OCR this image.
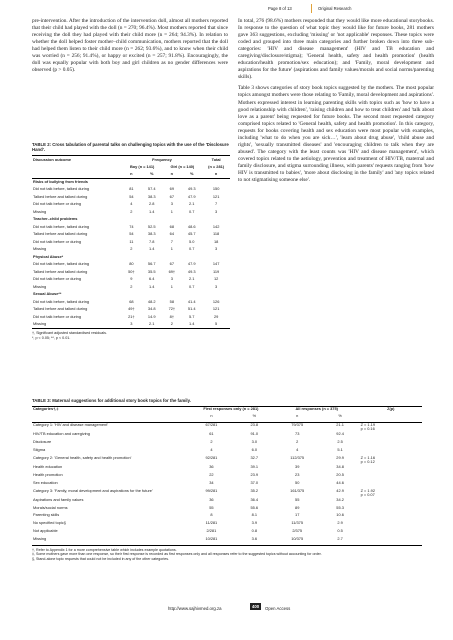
Page 8 of 13	Original Research

pre-intervention. After the introduction of the intervention doll, almost all mothers reported that their child had played with the doll (n = 270; 96.4%). Most mothers reported that since receiving the doll they had played with their child more (n = 264; 94.3%). In relation to whether the doll helped foster mother–child communication, mothers reported that the doll had helped them listen to their child more (n = 262; 93.6%), and to know when their child was worried (n = 256; 91.4%), or happy or excited (n = 257; 91.8%). Encouragingly, the doll was equally popular with both boy and girl children as no gender differences were observed (p > 0.05).

TABLE 2: Cross tabulation of parental talks on challenging topics with the use of the 'Disclosure Hand'.
Discussion outcome	Frequency				Total
	Boy (n = 141)		Girl (n = 140)		(n = 281)
	n	%	n	%	n
Risks of bullying from friends					
Did not talk before, talked during	81	57.4	69	49.3	150
Talked before and talked during	54	38.3	67	47.9	121
Did not talk before or during	4	2.8	3	2.1	7
Missing	2	1.4	1	0.7	3
Teacher–child problems					
Did not talk before, talked during	74	52.5	68	48.6	142
Talked before and talked during	54	38.3	64	45.7	118
Did not talk before or during	11	7.8	7	5.0	18
Missing	2	1.4	1	0.7	3
Physical Abuse*					
Did not talk before, talked during	80	56.7	67	47.9	147
Talked before and talked during	50†	35.5	69†	49.3	119
Did not talk before or during	9	6.4	3	2.1	12
Missing	2	1.4	1	0.7	3
Sexual Abuse**					
Did not talk before, talked during	68	48.2	58	41.4	126
Talked before and talked during	49†	34.8	72†	51.4	121
Did not talk before or during	21†	14.9	8†	5.7	29
Missing	3	2.1	2	1.4	5
†, Significant adjusted standardised residuals.
*, p < 0.05; **, p < 0.01.

In total, 276 (98.6%) mothers responded that they would like more educational storybooks. In response to the question of what topic they would like for future books, 281 mothers gave 363 suggestions, excluding 'missing' or 'not applicable' responses. These topics were coded and grouped into three main categories and further broken down into three sub-categories: 'HIV and disease management' (HIV and TB education and caregiving/disclosure/stigma); 'General health, safety and health promotion' (health education/health promotion/sex education); and 'Family, moral development and aspirations for the future' (aspirations and family values/morals and social norms/parenting skills).

Table 3 shows categories of story book topics suggested by the mothers. The most popular topics amongst mothers were those relating to 'Family, moral development and aspirations'. Mothers expressed interest in learning parenting skills with topics such as 'how to have a good relationship with children', 'raising children and how to treat children' and 'talk about love as a parent' being requested for future books. The second most requested category comprised topics related to 'General health, safety and health promotion'. In this category, requests for books covering health and sex education were most popular with examples, including 'what to do when you are sick…', 'learn about drug abuse', 'child abuse and rights', 'sexually transmitted diseases' and 'encouraging children to talk when they are abused'. The category with the least counts was 'HIV and disease management', which covered topics related to the aetiology, prevention and treatment of HIV/TB, maternal and family disclosure, and stigma surrounding illness, with parents' requests ranging from 'how HIV is transmitted to babies', 'more about disclosing in the family' and 'any topics related to not stigmatising someone else'.

TABLE 3: Maternal suggestions for additional story book topics for the family.
Categories†,‡	First responses only (n = 281)		All responses (n = 375)		Z(p)
	n	%	n	%	
Category 1: 'HIV and disease management'	67/281	23.8	79/375	21.1	Z = 1.19
p = 0.16

HIV/TB education and caregiving	61	91.0	73	92.4	

Disclosure	2	3.0	2	2.5	

Stigma	4	6.0	4	5.1	

Category 2: 'General health, safety and health promotion'	92/281	32.7	112/375	29.9	Z = 1.16
p = 0.12

Health education	36	39.1	39	34.8	

Health promotion	22	23.9	23	20.5	

Sex education	34	37.0	50	44.6	

Category 3: 'Family, moral development and aspirations for the future'	99/281	35.2	161/375	42.9	Z = 1.92
p = 0.07

Aspirations and family values	36	36.4	55	34.2	

Morals/social norms	55	55.6	89	55.3	

Parenting skills	8	8.1	17	10.6	

No specified topic§	11/281	3.9	11/375	2.9	

Not applicable	2/281	0.8	2/375	0.5	

Missing	10/281	3.6	10/375	2.7	
†, Refer to Appendix 1 for a more comprehensive table which includes example quotations.
‡, Some mothers gave more than one response, so their first response is recorded as first responses only and all responses refer to the suggested topics without accounting for order.
§, Stand-alone topic requests that could not be included in any of the other categories.
http://www.sajhivmed.org.za	400	Open Access
